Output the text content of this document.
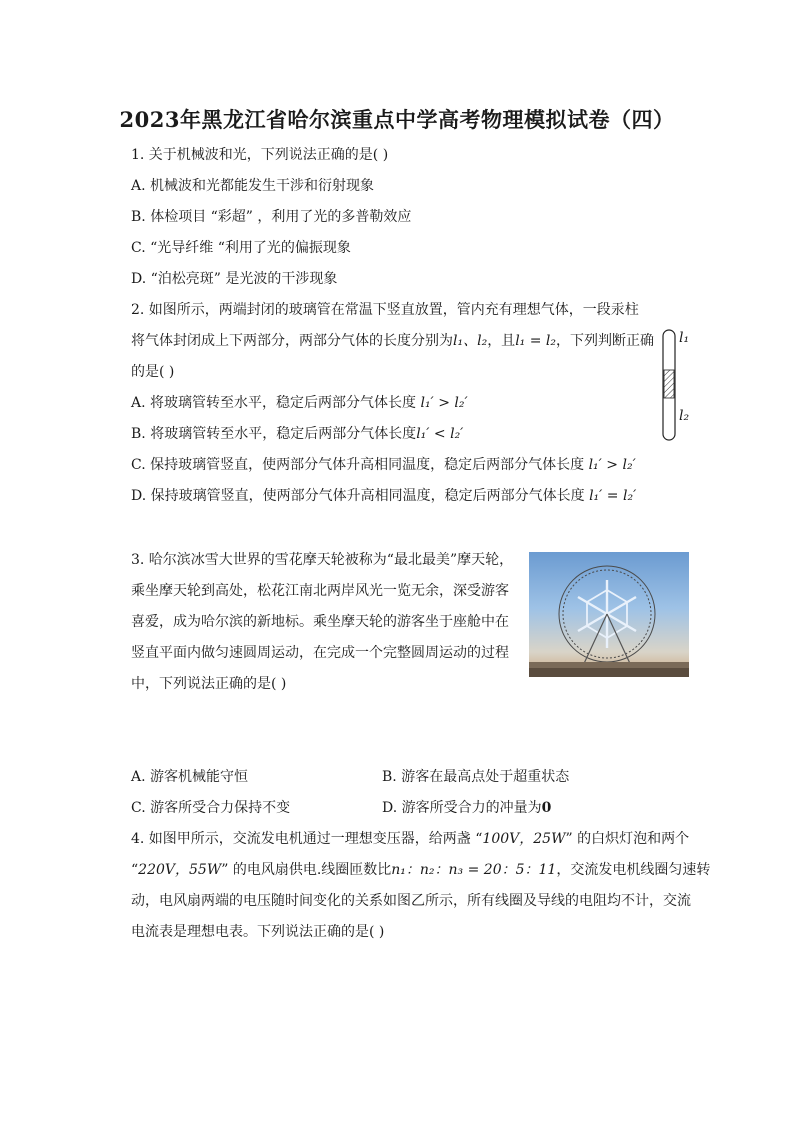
2023年黑龙江省哈尔滨重点中学高考物理模拟试卷（四）
1. 关于机械波和光，下列说法正确的是( )
A. 机械波和光都能发生干涉和衍射现象
B. 体检项目 “彩超” ，利用了光的多普勒效应
C. “光导纤维 “利用了光的偏振现象
D. “泊松亮斑” 是光波的干涉现象
2. 如图所示，两端封闭的玻璃管在常温下竖直放置，管内充有理想气体，一段汞柱
将气体封闭成上下两部分，两部分气体的长度分别为l₁、l₂，且l₁ = l₂，下列判断正确
的是( )
A. 将玻璃管转至水平，稳定后两部分气体长度 l₁′ > l₂′
B. 将玻璃管转至水平，稳定后两部分气体长度l₁′ < l₂′
C. 保持玻璃管竖直，使两部分气体升高相同温度，稳定后两部分气体长度 l₁′ > l₂′
D. 保持玻璃管竖直，使两部分气体升高相同温度，稳定后两部分气体长度 l₁′ = l₂′
l₁
l₂
3. 哈尔滨冰雪大世界的雪花摩天轮被称为“最北最美”摩天轮，
乘坐摩天轮到高处，松花江南北两岸风光一览无余，深受游客
喜爱，成为哈尔滨的新地标。乘坐摩天轮的游客坐于座舱中在
竖直平面内做匀速圆周运动，在完成一个完整圆周运动的过程
中，下列说法正确的是( )
A. 游客机械能守恒	B. 游客在最高点处于超重状态
C. 游客所受合力保持不变	D. 游客所受合力的冲量为0
4. 如图甲所示，交流发电机通过一理想变压器，给两盏 “100V，25W” 的白炽灯泡和两个
“220V，55W” 的电风扇供电.线圈匝数比n₁：n₂：n₃ = 20：5：11，交流发电机线圈匀速转
动，电风扇两端的电压随时间变化的关系如图乙所示，所有线圈及导线的电阻均不计，交流
电流表是理想电表。下列说法正确的是( )
